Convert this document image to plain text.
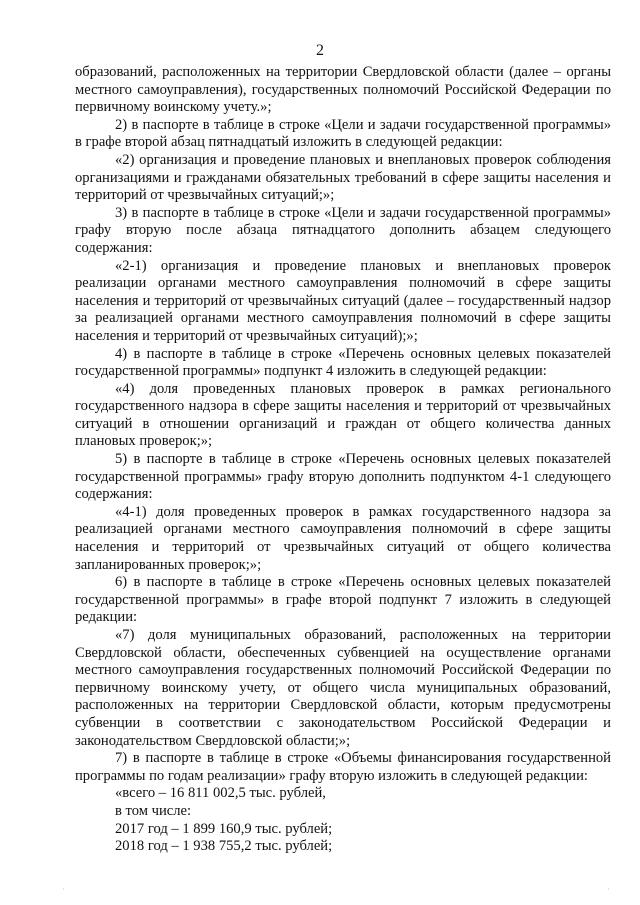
2

образований, расположенных на территории Свердловской области (далее – органы местного самоуправления), государственных полномочий Российской Федерации по первичному воинскому учету.»;

2) в паспорте в таблице в строке «Цели и задачи государственной программы» в графе второй абзац пятнадцатый изложить в следующей редакции:

«2) организация и проведение плановых и внеплановых проверок соблюдения организациями и гражданами обязательных требований в сфере защиты населения и территорий от чрезвычайных ситуаций;»;

3) в паспорте в таблице в строке «Цели и задачи государственной программы» графу вторую после абзаца пятнадцатого дополнить абзацем следующего содержания:

«2-1) организация и проведение плановых и внеплановых проверок реализации органами местного самоуправления полномочий в сфере защиты населения и территорий от чрезвычайных ситуаций (далее – государственный надзор за реализацией органами местного самоуправления полномочий в сфере защиты населения и территорий от чрезвычайных ситуаций);»;

4) в паспорте в таблице в строке «Перечень основных целевых показателей государственной программы» подпункт 4 изложить в следующей редакции:

«4) доля проведенных плановых проверок в рамках регионального государственного надзора в сфере защиты населения и территорий от чрезвычайных ситуаций в отношении организаций и граждан от общего количества данных плановых проверок;»;

5) в паспорте в таблице в строке «Перечень основных целевых показателей государственной программы» графу вторую дополнить подпунктом 4-1 следующего содержания:

«4-1) доля проведенных проверок в рамках государственного надзора за реализацией органами местного самоуправления полномочий в сфере защиты населения и территорий от чрезвычайных ситуаций от общего количества запланированных проверок;»;

6) в паспорте в таблице в строке «Перечень основных целевых показателей государственной программы» в графе второй подпункт 7 изложить в следующей редакции:

«7) доля муниципальных образований, расположенных на территории Свердловской области, обеспеченных субвенцией на осуществление органами местного самоуправления государственных полномочий Российской Федерации по первичному воинскому учету, от общего числа муниципальных образований, расположенных на территории Свердловской области, которым предусмотрены субвенции в соответствии с законодательством Российской Федерации и законодательством Свердловской области;»;

7) в паспорте в таблице в строке «Объемы финансирования государственной программы по годам реализации» графу вторую изложить в следующей редакции:

«всего – 16 811 002,5 тыс. рублей,

в том числе:

2017 год – 1 899 160,9 тыс. рублей;

2018 год – 1 938 755,2 тыс. рублей;

·	·
